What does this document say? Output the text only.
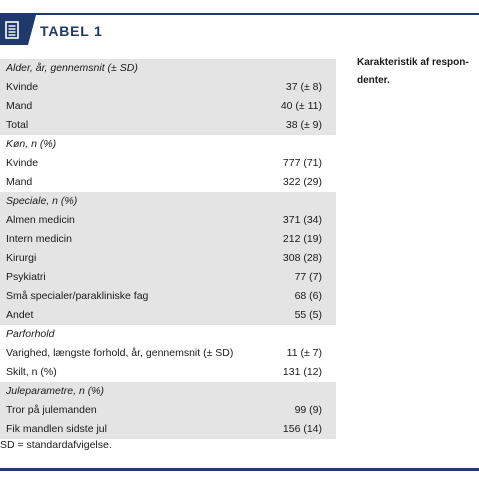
TABEL 1
Alder, år, gennemsnit (± SD)
Kvinde	37 (± 8)
Mand	40 (± 11)
Total	38 (± 9)
Køn, n (%)
Kvinde	777 (71)
Mand	322 (29)
Speciale, n (%)
Almen medicin	371 (34)
Intern medicin	212 (19)
Kirurgi	308 (28)
Psykiatri	77 (7)
Små specialer/parakliniske fag	68 (6)
Andet	55 (5)
Parforhold
Varighed, længste forhold, år, gennemsnit (± SD)	11 (± 7)
Skilt, n (%)	131 (12)
Juleparametre, n (%)
Tror på julemanden	99 (9)
Fik mandlen sidste jul	156 (14)
Karakteristik af respon-
denter.
SD = standardafvigelse.
